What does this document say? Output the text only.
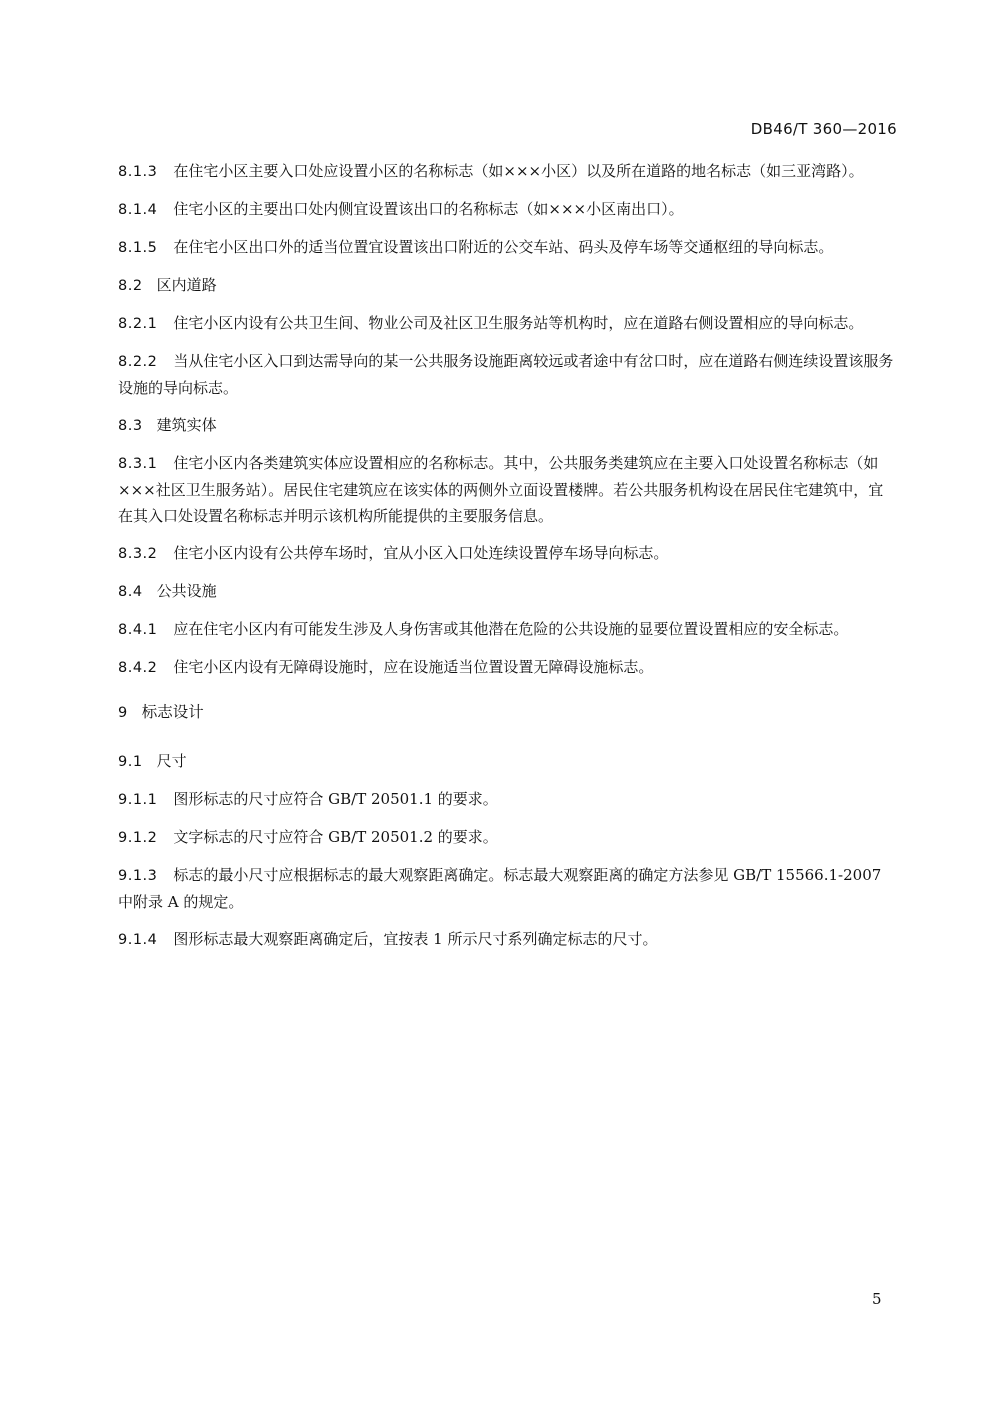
DB46/T 360—2016

8.1.3 在住宅小区主要入口处应设置小区的名称标志（如×××小区）以及所在道路的地名标志（如三亚湾路）。

8.1.4 住宅小区的主要出口处内侧宜设置该出口的名称标志（如×××小区南出口）。

8.1.5 在住宅小区出口外的适当位置宜设置该出口附近的公交车站、码头及停车场等交通枢纽的导向标志。

8.2 区内道路

8.2.1 住宅小区内设有公共卫生间、物业公司及社区卫生服务站等机构时，应在道路右侧设置相应的导向标志。

8.2.2 当从住宅小区入口到达需导向的某一公共服务设施距离较远或者途中有岔口时，应在道路右侧连续设置该服务设施的导向标志。

8.3 建筑实体

8.3.1 住宅小区内各类建筑实体应设置相应的名称标志。其中，公共服务类建筑应在主要入口处设置名称标志（如×××社区卫生服务站）。居民住宅建筑应在该实体的两侧外立面设置楼牌。若公共服务机构设在居民住宅建筑中，宜在其入口处设置名称标志并明示该机构所能提供的主要服务信息。

8.3.2 住宅小区内设有公共停车场时，宜从小区入口处连续设置停车场导向标志。

8.4 公共设施

8.4.1 应在住宅小区内有可能发生涉及人身伤害或其他潜在危险的公共设施的显要位置设置相应的安全标志。

8.4.2 住宅小区内设有无障碍设施时，应在设施适当位置设置无障碍设施标志。

9 标志设计
9.1 尺寸

9.1.1 图形标志的尺寸应符合 GB/T 20501.1 的要求。

9.1.2 文字标志的尺寸应符合 GB/T 20501.2 的要求。

9.1.3 标志的最小尺寸应根据标志的最大观察距离确定。标志最大观察距离的确定方法参见 GB/T 15566.1-2007 中附录 A 的规定。

9.1.4 图形标志最大观察距离确定后，宜按表 1 所示尺寸系列确定标志的尺寸。

5
